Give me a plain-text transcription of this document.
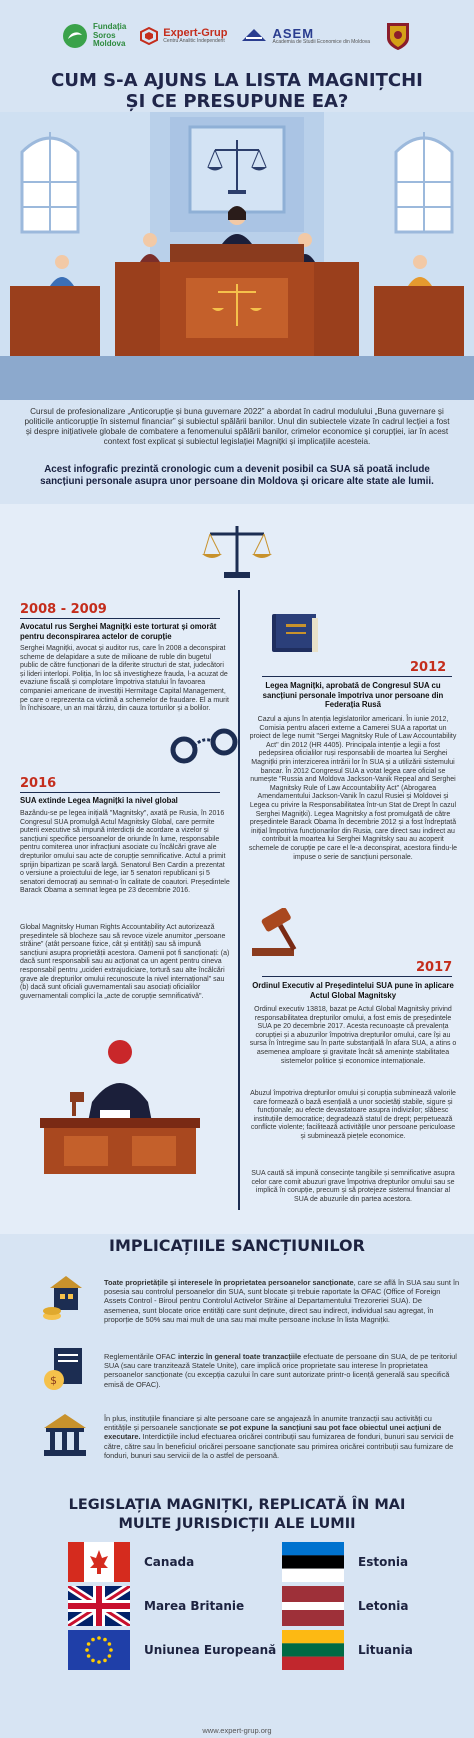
Fundația
Soros
Moldova
Expert-Grup
Centru Analitic Independent
ASEM
Academia de Studii Economice din Moldova
CUM S-A AJUNS LA LISTA MAGNIȚCHI
ȘI CE PRESUPUNE EA?
Cursul de profesionalizare „Anticorupție și buna guvernare 2022” a abordat în cadrul modulului „Buna guvernare și politicile anticorupție în sistemul financiar” și subiectul spălării banilor. Unul din subiectele vizate în cadrul lecției a fost și despre inițiativele globale de combatere a fenomenului spălării banilor, crimelor economice și corupției, iar în acest context fost explicat și subiectul legislației Magnițki și implicațiile acesteia.
Acest infografic prezintă cronologic cum a devenit posibil ca SUA să poată include sancțiuni personale asupra unor persoane din Moldova și oricare alte state ale lumii.
2008 - 2009
Avocatul rus Serghei Magnițki este torturat și omorât pentru deconspirarea actelor de corupție
Serghei Magnițki, avocat și auditor rus, care în 2008 a deconspirat scheme de delapidare a sute de milioane de ruble din bugetul public de către funcționari de la diferite structuri de stat, judecători și lideri interlopi. Poliția, în loc să investigheze frauda, l-a acuzat de evaziune fiscală și complotare împotriva statului în favoarea companiei americane de investiții Hermitage Capital Management, pe care o reprezenta ca victimă a schemelor de fraudare. El a murit în închisoare, un an mai târziu, din cauza torturilor și a bolilor.
2012
Legea Magnițki, aprobată de Congresul SUA cu sancțiuni personale împotriva unor persoane din Federația Rusă
Cazul a ajuns în atenția legislatorilor americani. În iunie 2012, Comisia pentru afaceri externe a Camerei SUA a raportat un proiect de lege numit "Sergei Magnitsky Rule of Law Accountability Act" din 2012 (HR 4405). Principala intenție a legii a fost pedepsirea oficialilor ruși responsabili de moartea lui Serghei Magnițki prin interzicerea intrării lor în SUA și a utilizării sistemului bancar. În 2012 Congresul SUA a votat legea care oficial se numește "Russia and Moldova Jackson-Vanik Repeal and Serghei Magnitsky Rule of Law Accountability Act" (Abrogarea Amendamentului Jackson-Vanik în cazul Rusiei și Moldovei și Legea cu privire la Responsabilitatea într-un Stat de Drept în cazul Serghei Magnițki). Legea Magnitsky a fost promulgată de către președintele Barack Obama în decembrie 2012 și a fost îndreptată inițial împotriva funcționarilor din Rusia, care direct sau indirect au contribuit la moartea lui Serghei Magnitsky sau au acoperit schemele de corupție pe care el le-a deconspirat, acestora fiindu-le impuse o serie de sancțiuni personale.
2016
SUA extinde Legea Magnițki la nivel global
Bazându-se pe legea inițială "Magnitsky", axată pe Rusia, în 2016 Congresul SUA promulgă Actul Magnitsky Global, care permite puterii executive să impună interdicții de acordare a vizelor și sancțiuni specifice persoanelor de oriunde în lume, responsabile pentru comiterea unor infracțiuni asociate cu încălcări grave ale drepturilor omului sau acte de corupție semnificative. Actul a primit sprijin bipartizan pe scară largă. Senatorul Ben Cardin a prezentat o versiune a proiectului de lege, iar 5 senatori republicani și 5 senatori democrați au semnat-o în calitate de coautori. Președintele Barack Obama a semnat legea pe 23 decembrie 2016.
Global Magnitsky Human Rights Accountability Act autorizează președintele să blocheze sau să revoce vizele anumitor „persoane străine” (atât persoane fizice, cât și entități) sau să impună sancțiuni asupra proprietății acestora. Oamenii pot fi sancționați: (a) dacă sunt responsabili sau au acționat ca un agent pentru cineva responsabil pentru „ucideri extrajudiciare, tortură sau alte încălcări grave ale drepturilor omului recunoscute la nivel internațional" sau (b) dacă sunt oficiali guvernamentali sau asociați oficialilor guvernamentali complici la „acte de corupție semnificativă".
2017
Ordinul Executiv al Președintelui SUA pune în aplicare Actul Global Magnitsky
Ordinul executiv 13818, bazat pe Actul Global Magnitsky privind responsabilitatea drepturilor omului, a fost emis de președintele SUA pe 20 decembrie 2017. Acesta recunoaște că prevalența corupției și a abuzurilor împotriva drepturilor omului, care își au sursa în întregime sau în parte substanțială în afara SUA, a atins o asemenea amploare și gravitate încât să amenințe stabilitatea sistemelor politice și economice internaționale.
Abuzul împotriva drepturilor omului și corupția subminează valorile care formează o bază esențială a unor societăți stabile, sigure și funcționale; au efecte devastatoare asupra indivizilor; slăbesc instituțiile democratice; degradează statul de drept; perpetuează conflicte violente; facilitează activitățile unor persoane periculoase și subminează piețele economice.
SUA caută să impună consecințe tangibile și semnificative asupra celor care comit abuzuri grave împotriva drepturilor omului sau se implică în corupție, precum și să protejeze sistemul financiar al SUA de abuzurile din partea acestora.
IMPLICAȚIILE SANCȚIUNILOR
Toate proprietățile și interesele în proprietatea persoanelor sancționate, care se află în SUA sau sunt în posesia sau controlul persoanelor din SUA, sunt blocate și trebuie raportate la OFAC (Office of Foreign Assets Control - Biroul pentru Controlul Activelor Străine al Departamentului Trezoreriei SUA). De asemenea, sunt blocate orice entități care sunt deținute, direct sau indirect, individual sau agregat, în proporție de 50% sau mai mult de una sau mai multe persoane incluse în lista Magnițki.
$
Reglementările OFAC interzic în general toate tranzacțiile efectuate de persoane din SUA, de pe teritoriul SUA (sau care tranzitează Statele Unite), care implică orice proprietate sau interese în proprietatea persoanelor sancționate (cu excepția cazului în care sunt autorizate printr-o licență generală sau specifică emisă de OFAC).
În plus, instituțiile financiare și alte persoane care se angajează în anumite tranzacții sau activități cu entitățile și persoanele sancționate se pot expune la sancțiuni sau pot face obiectul unei acțiuni de executare. Interdicțiile includ efectuarea oricărei contribuții sau furnizarea de fonduri, bunuri sau servicii de către, către sau în beneficiul oricărei persoane sancționate sau primirea oricărei contribuții sau furnizare de fonduri, bunuri sau servicii de la o astfel de persoană.
LEGISLAȚIA MAGNIȚKI, REPLICATĂ ÎN MAI
MULTE JURISDICȚII ALE LUMII
Canada
Marea Britanie
Uniunea Europeană
Estonia
Letonia
Lituania
www.expert-grup.org
